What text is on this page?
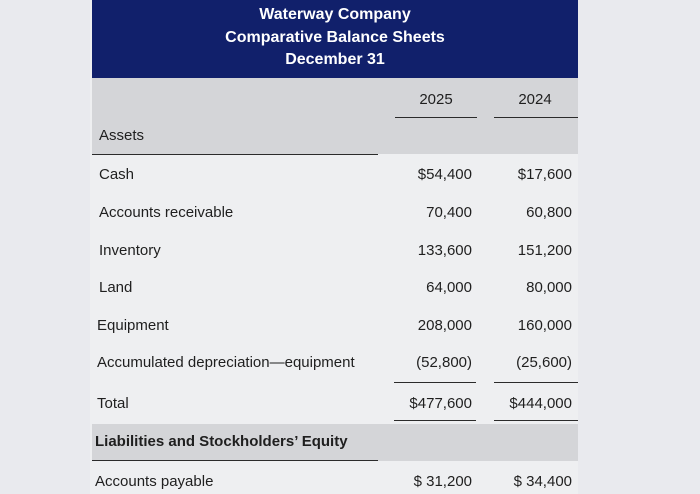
Waterway Company
Comparative Balance Sheets
December 31
2025	2024
Assets
Cash	$54,400	$17,600
Accounts receivable	70,400	60,800
Inventory	133,600	151,200
Land	64,000	80,000
Equipment	208,000	160,000
Accumulated depreciation—equipment	(52,800)	(25,600)
Total	$477,600 $444,000
Liabilities and Stockholders’ Equity
Accounts payable	$ 31,200	$ 34,400
